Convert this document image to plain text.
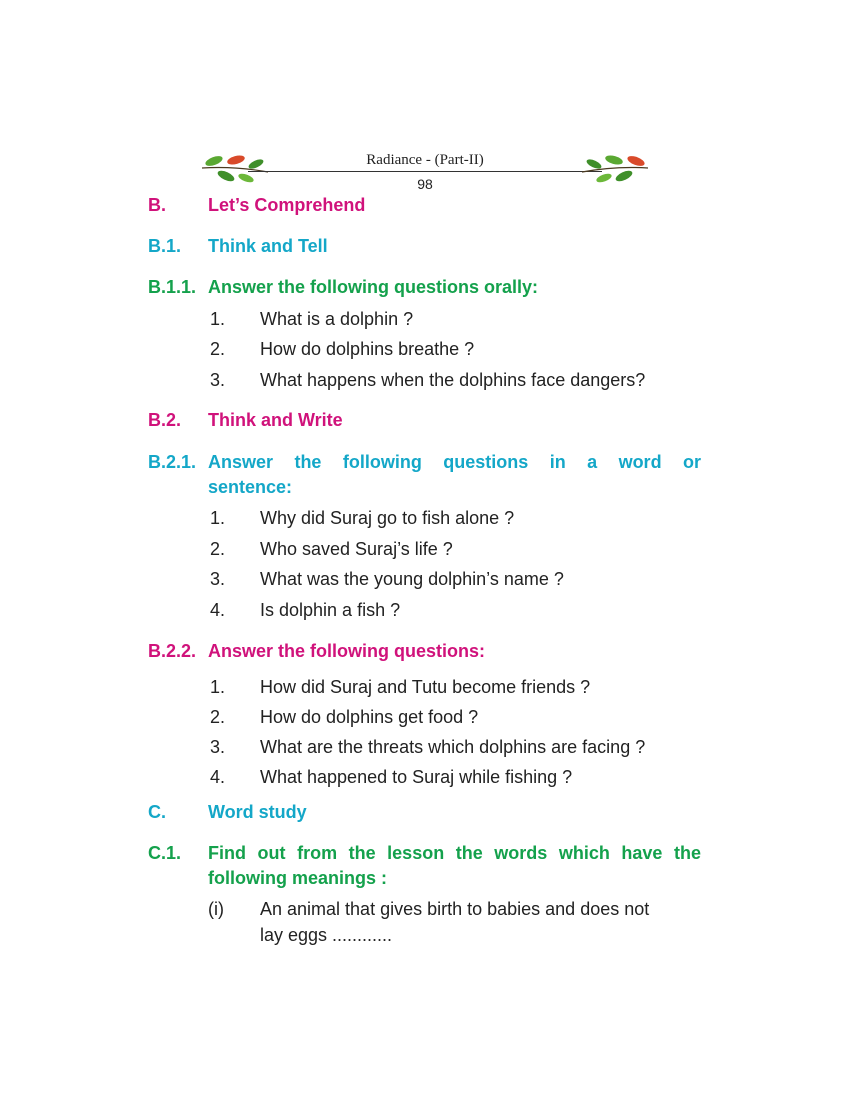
Radiance - (Part-II)
98
B. Let’s Comprehend
B.1. Think and Tell
B.1.1. Answer the following questions orally:
1. What is a dolphin ?
2. How do dolphins breathe ?
3. What happens when the dolphins face dangers?
B.2. Think and Write
B.2.1. Answer the following questions in a word or
sentence:
1. Why did Suraj go to fish alone ?
2. Who saved Suraj’s life ?
3. What was the young dolphin’s name ?
4. Is dolphin a fish ?
B.2.2. Answer the following questions:
1. How did Suraj and Tutu become friends ?
2. How do dolphins get food ?
3. What are the threats which dolphins are facing ?
4. What happened to Suraj while fishing ?
C. Word study
C.1. Find out from the lesson the words which have the
following meanings :
(i) An animal that gives birth to babies and does not
lay eggs ............
